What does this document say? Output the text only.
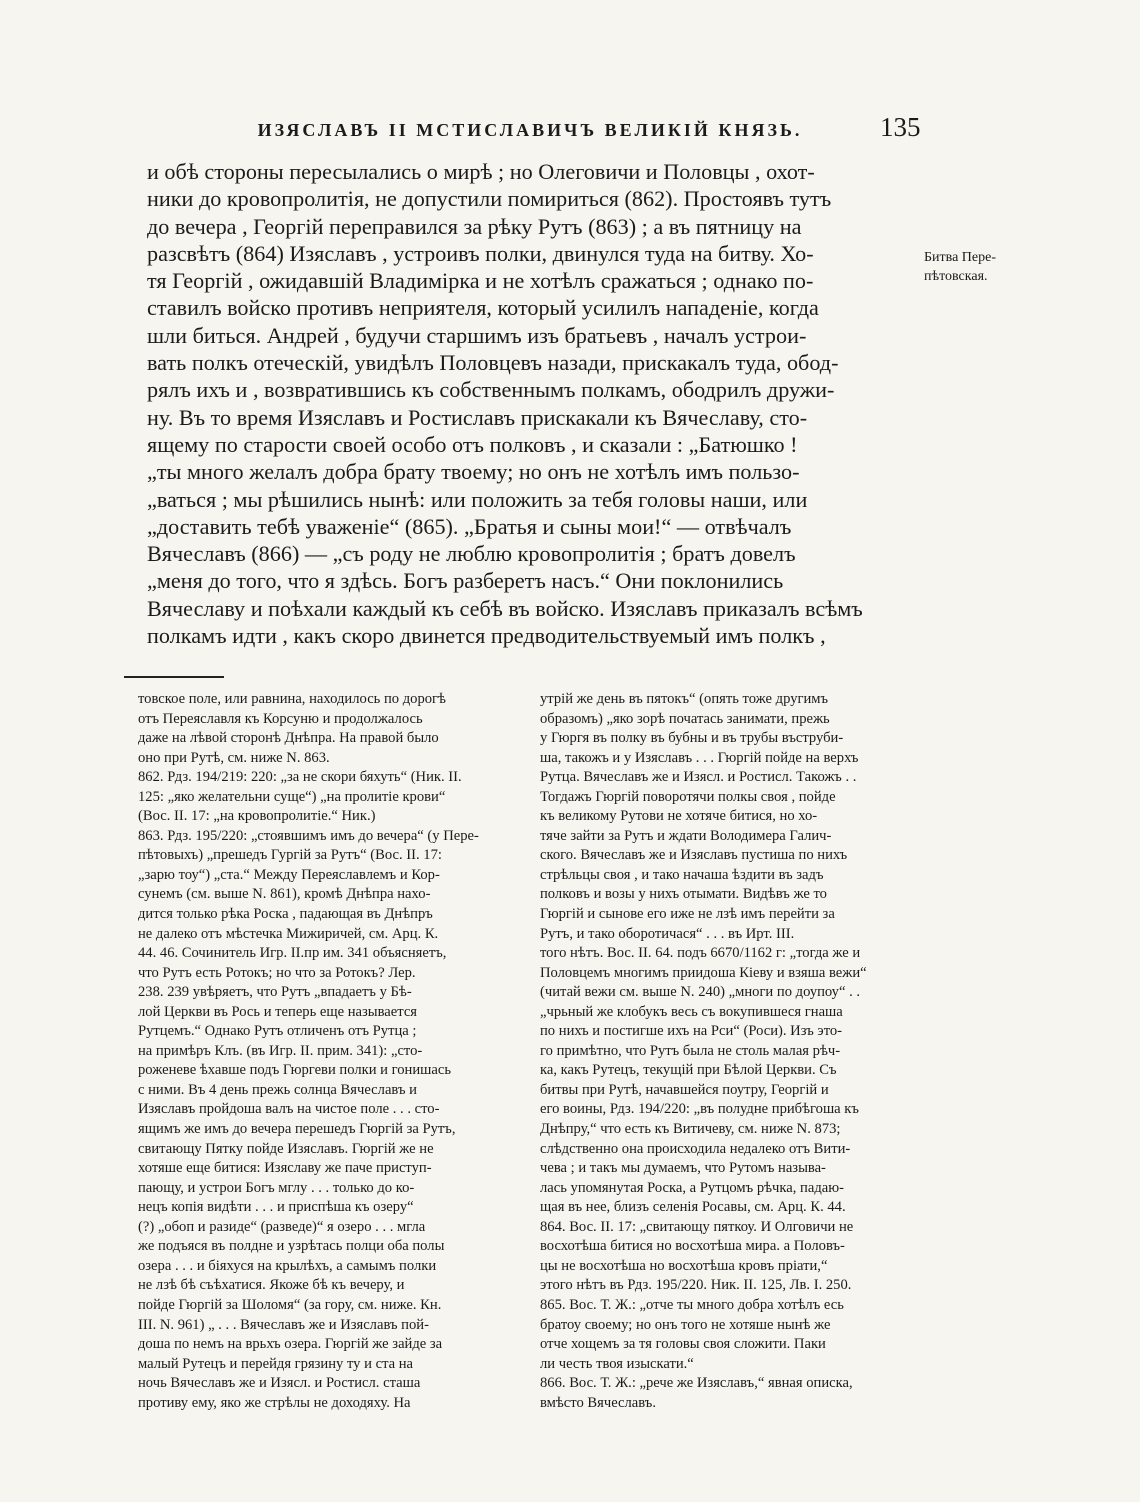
ИЗЯСЛАВЪ II МСТИСЛАВИЧЪ ВЕЛИКІЙ КНЯЗЬ.	135
и обѣ стороны пересылались о мирѣ ; но Олеговичи и Половцы , охот-
ники до кровопролитія, не допустили помириться (862). Простоявъ тутъ
до вечера , Георгій переправился за рѣку Рутъ (863) ; а въ пятницу на
разсвѣтъ (864) Изяславъ , устроивъ полки, двинулся туда на битву. Хо-
тя Георгій , ожидавшій Владимірка и не хотѣлъ сражаться ; однако по-
ставилъ войско противъ неприятеля, который усилилъ нападеніе, когда
шли биться. Андрей , будучи старшимъ изъ братьевъ , началъ устрои-
вать полкъ отеческій, увидѣлъ Половцевъ назади, прискакалъ туда, обод-
рялъ ихъ и , возвратившись къ собственнымъ полкамъ, ободрилъ дружи-
ну. Въ то время Изяславъ и Ростиславъ прискакали къ Вячеславу, сто-
ящему по старости своей особо отъ полковъ , и сказали : „Батюшко !
„ты много желалъ добра брату твоему; но онъ не хотѣлъ имъ пользо-
„ваться ; мы рѣшились нынѣ: или положить за тебя головы наши, или
„доставить тебѣ уваженіе“ (865). „Братья и сыны мои!“ — отвѣчалъ
Вячеславъ (866) — „съ роду не люблю кровопролитія ; братъ довелъ
„меня до того, что я здѣсь. Богъ разберетъ насъ.“ Они поклонились
Вячеславу и поѣхали каждый къ себѣ въ войско. Изяславъ приказалъ всѣмъ
полкамъ идти , какъ скоро двинется предводительствуемый имъ полкъ ,
Битва Пере-
пѣтовская.
товское поле, или равнина, находилось по дорогѣ
отъ Переяславля къ Корсуню и продолжалось
даже на лѣвой сторонѣ Днѣпра. На правой было
оно при Рутѣ, см. ниже N. 863.
862. Рдз. 194/219: 220: „за не скори бяхуть“ (Ник. II.
125: „яко желательни суще“) „на пролитіе крови“
(Вос. II. 17: „на кровопролитіе.“ Ник.)
863. Рдз. 195/220: „стоявшимъ имъ до вечера“ (у Пере-
пѣтовыхъ) „прешедъ Гургій за Рутъ“ (Вос. II. 17:
„зарю тоу“) „ста.“ Между Переяславлемъ и Кор-
сунемъ (см. выше N. 861), кромѣ Днѣпра нахо-
дится только рѣка Роска , падающая въ Днѣпръ
не далеко отъ мѣстечка Мижиричей, см. Арц. К.
44. 46. Сочинитель Игр. II.пр им. 341 объясняетъ,
что Рутъ есть Ротокъ; но что за Ротокъ? Лер.
238. 239 увѣряетъ, что Рутъ „впадаетъ у Бѣ-
лой Церкви въ Рось и теперь еще называется
Рутцемъ.“ Однако Рутъ отличенъ отъ Рутца ;
на примѣръ Клъ. (въ Игр. II. прим. 341): „сто-
роженеве ѣхавше подъ Гюргеви полки и гонишась
с ними. Въ 4 день прежь солнца Вячеславъ и
Изяславъ пройдоша валъ на чистое поле . . . сто-
ящимъ же имъ до вечера перешедъ Гюргій за Рутъ,
свитающу Пятку пойде Изяславъ. Гюргій же не
хотяше еще битися: Изяславу же паче приступ-
пающу, и устрои Богъ мглу . . . только до ко-
нецъ копія видѣти . . . и приспѣша къ озеру“
(?) „обоп и разиде“ (разведе)“ я озеро . . . мгла
же подъяся въ полдне и узрѣтась полци оба полы
озера . . . и біяхуся на крылѣхъ, а самымъ полки
не лзѣ бѣ съѣхатися. Якоже бѣ къ вечеру, и
пойде Гюргій за Шоломя“ (за гору, см. ниже. Кн.
III. N. 961) „ . . . Вячеславъ же и Изяславъ пой-
доша по немъ на врьхъ озера. Гюргій же зайде за
малый Рутецъ и перейдя грязину ту и ста на
ночь Вячеславъ же и Изясл. и Ростисл. сташа
противу ему, яко же стрѣлы не доходяху. На
утрій же день въ пятокъ“ (опять тоже другимъ
образомъ) „яко зорѣ початась занимати, прежь
у Гюргя въ полку въ бубны и въ трубы въструби-
ша, такожъ и у Изяславъ . . . Гюргій пойде на верхъ
Рутца. Вячеславъ же и Изясл. и Ростисл. Такожъ . .
Тогдажъ Гюргій поворотячи полкы своя , пойде
къ великому Рутови не хотяче битися, но хо-
тяче зайти за Рутъ и ждати Володимера Галич-
ского. Вячеславъ же и Изяславъ пустиша по нихъ
стрѣльцы своя , и тако начаша ѣздити въ задъ
полковъ и возы у нихъ отымати. Видѣвъ же то
Гюргій и сынове его иже не лзѣ имъ перейти за
Рутъ, и тако оборотичася“ . . . въ Ирт. III.
того нѣтъ. Вос. II. 64. подъ 6670/1162 г: „тогда же и
Половцемъ многимъ приидоша Кіеву и взяша вежи“
(читай вежи см. выше N. 240) „многи по доупоу“ . .
„чрьный же клобукъ весь съ вокупившеся гнаша
по нихъ и постигше ихъ на Рси“ (Роси). Изъ это-
го примѣтно, что Рутъ была не столь малая рѣч-
ка, какъ Рутецъ, текущій при Бѣлой Церкви. Съ
битвы при Рутѣ, начавшейся поутру, Георгій и
его воины, Рдз. 194/220: „въ полудне прибѣгоша къ
Днѣпру,“ что есть къ Витичеву, см. ниже N. 873;
слѣдственно она происходила недалеко отъ Вити-
чева ; и такъ мы думаемъ, что Рутомъ называ-
лась упомянутая Роска, а Рутцомъ рѣчка, падаю-
щая въ нее, близъ селенія Росавы, см. Арц. К. 44.
864. Вос. II. 17: „свитающу пяткоу. И Олговичи не
восхотѣша битися но восхотѣша мира. а Половъ-
цы не восхотѣша но восхотѣша кровъ пріати,“
этого нѣтъ въ Рдз. 195/220. Ник. II. 125, Лв. I. 250.
865. Вос. Т. Ж.: „отче ты много добра хотѣлъ есь
братоу своему; но онъ того не хотяше нынѣ же
отче хощемъ за тя головы своя сложити. Паки
ли честь твоя изыскати.“
866. Вос. Т. Ж.: „рече же Изяславъ,“ явная описка,
вмѣсто Вячеславъ.
